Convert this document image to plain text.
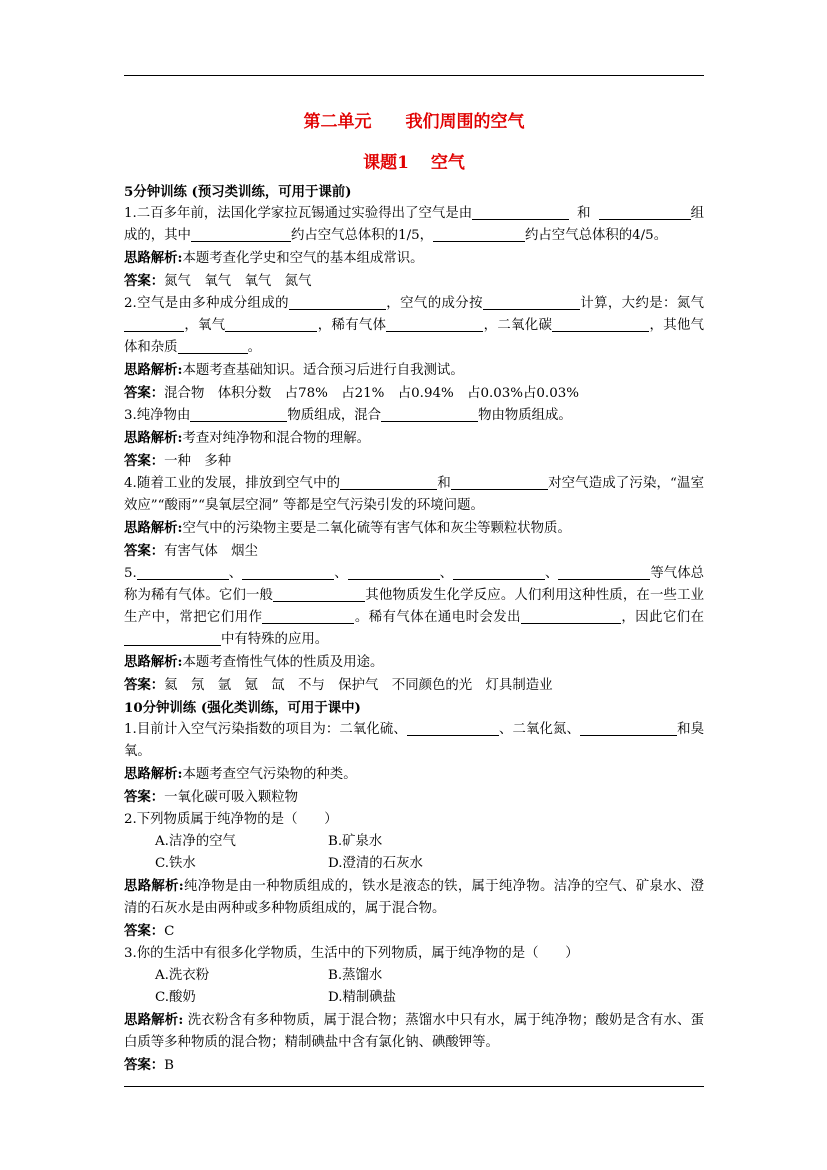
第二单元 我们周围的空气

课题1 空气

5分钟训练 (预习类训练，可用于课前)

1.二百多年前，法国化学家拉瓦锡通过实验得出了空气是由	和	组成的，其中	约占空气总体积的1/5，	约占空气总体积的4/5。

思路解析:本题考查化学史和空气的基本组成常识。

答案：氮气　氧气　氧气　氮气

2.空气是由多种成分组成的	，空气的成分按	计算，大约是：氮气，氧气	，稀有气体	，二氧化碳	，其他气体和杂质	。

思路解析:本题考查基础知识。适合预习后进行自我测试。

答案：混合物　体积分数　占78%　占21%　占0.94%　占0.03%占0.03%

3.纯净物由	物质组成，混合	物由物质组成。

思路解析:考查对纯净物和混合物的理解。

答案：一种　多种

4.随着工业的发展，排放到空气中的	和	对空气造成了污染，“温室效应”“酸雨”“臭氧层空洞” 等都是空气污染引发的环境问题。

思路解析:空气中的污染物主要是二氧化硫等有害气体和灰尘等颗粒状物质。

答案：有害气体　烟尘

5.	、	、	、	、	等气体总称为稀有气体。它们一般	其他物质发生化学反应。人们利用这种性质，在一些工业生产中，常把它们用作	。稀有气体在通电时会发出	，因此它们在中有特殊的应用。

思路解析:本题考查惰性气体的性质及用途。

答案：氦　氖　氩　氪　氙　不与　保护气　不同颜色的光　灯具制造业

10分钟训练 (强化类训练，可用于课中)

1.目前计入空气污染指数的项目为：二氧化硫、	、二氧化氮、	和臭氧。

思路解析:本题考查空气污染物的种类。

答案：一氧化碳可吸入颗粒物

2.下列物质属于纯净物的是（　　）

A.洁净的空气	B.矿泉水

C.铁水	D.澄清的石灰水

思路解析:纯净物是由一种物质组成的，铁水是液态的铁，属于纯净物。洁净的空气、矿泉水、澄清的石灰水是由两种或多种物质组成的，属于混合物。

答案：C

3.你的生活中有很多化学物质，生活中的下列物质，属于纯净物的是（　　）

A.洗衣粉	B.蒸馏水

C.酸奶	D.精制碘盐

思路解析: 洗衣粉含有多种物质，属于混合物；蒸馏水中只有水，属于纯净物；酸奶是含有水、蛋白质等多种物质的混合物；精制碘盐中含有氯化钠、碘酸钾等。

答案：B
